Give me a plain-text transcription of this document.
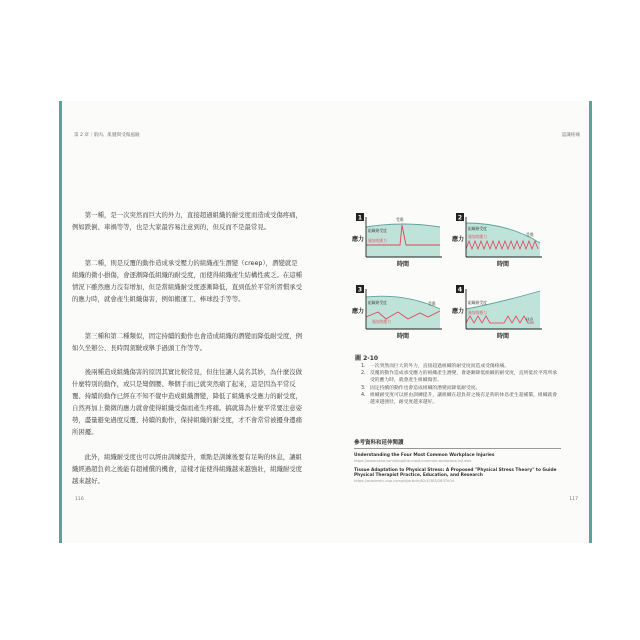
第 2 章｜肌肉、肌腱與受傷風險

第一種，是一次突然而巨大的外力，直接超過組織的耐受度而造成受傷疼痛，例如跌倒、車禍等等，也是大家最容易注意到的，但反而不是最常見。

第二種，則是反覆的動作造成承受壓力的組織產生潛變（creep），潛變就是組織的微小損傷，會逐漸降低組織的耐受度，而使得組織產生結構性疲乏。在這種情況下雖然應力沒有增加，但是當組織耐受度逐漸降低，直到低於平常所習慣承受的應力時，就會產生組織傷害，例如搬運工、棒球投手等等。

第三種和第二種類似，固定持續的動作也會造成組織的潛變而降低耐受度，例如久坐辦公、長時間駕駛或舉手過頭工作等等。

後兩種造成組織傷害的原因其實比較常見，但往往讓人莫名其妙，為什麼沒做什麼特別的動作，或只是彎個腰、舉個手而已就突然痛了起來，這是因為平常反覆、持續的動作已經在不知不覺中造成組織潛變，降低了組織承受應力的耐受度，自然再加上微微的應力就會使得組織受傷而產生疼痛。搞就算為什麼平常要注意姿勢，盡量避免過度反覆、持續的動作，保持組織的耐受度，才不會常常被擾身邊痛所困擾。

此外，組織耐受度也可以經由訓練提升，重點是訓練後要有足夠的休息，讓組織經過超負荷之後能有超補償的機會，這樣才能使得組織越來越強壯，組織耐受度越來越好。

116
認識疼痛
1
組織耐受度
施加的應力
受傷
應力
時間
2
組織耐受度
施加的應力	受傷
應力
時間
3
組織耐受度
施加的應力
受傷
應力
時間
4
組織耐受度
施加的應力
休息
應力
時間
圖 2-10
1. 一次突然而巨大的外力，直接超過組織的耐受度而造成受傷疼痛。
2. 反覆的動作造成承受應力的組織產生潛變，會逐漸降低組織的耐受度，直到低於平常所承受的應力時，就會產生組織傷害。
3. 固定持續的動作也會造成組織的潛變而降低耐受度。
4. 組織耐受度可以經由訓練提升，讓組織在超負荷之後有足夠的休息產生超補償，組織就會越來越強壯，耐受度越來越好。
參考資料和延伸閱讀
Understanding the Four Most Common Workplace Injuries
https://www.osha.com/blog/the-most-common-workplace-injuries
Tissue Adaptation to Physical Stress: A Proposed "Physical Stress Theory" to Guide Physical Therapist Practice, Education, and Research
https://academic.oup.com/ptj/article/82/4/383/2837004
117
